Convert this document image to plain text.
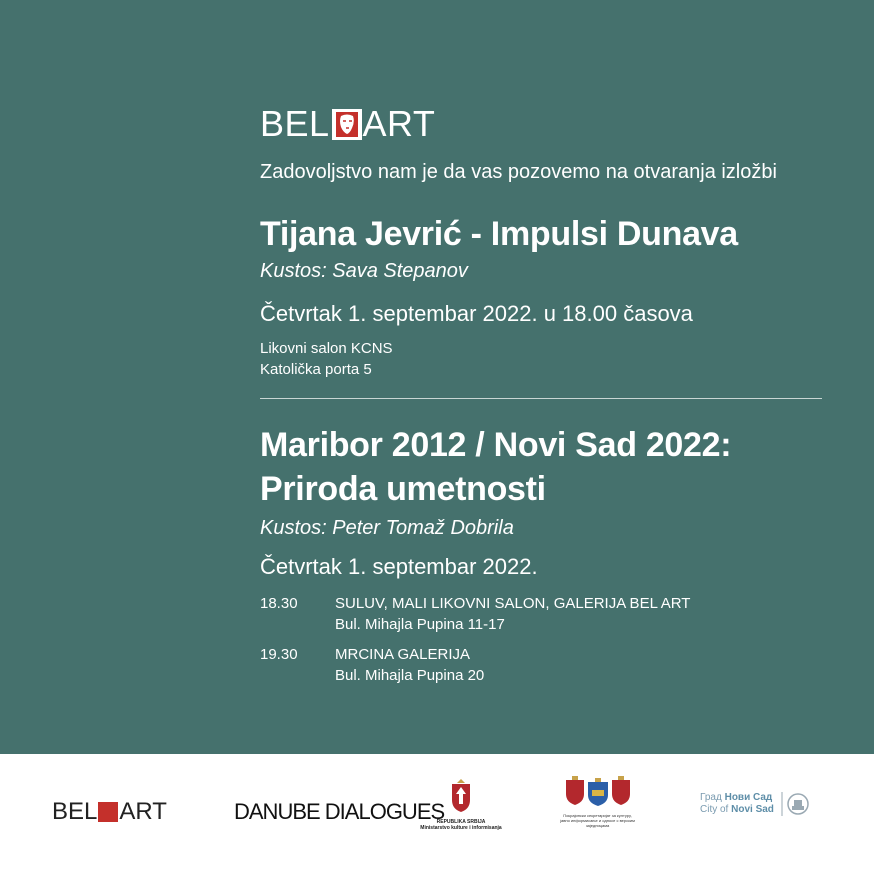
BEL ART
Zadovoljstvo nam je da vas pozovemo na otvaranja izložbi
Tijana Jevrić - Impulsi Dunava
Kustos: Sava Stepanov
Četvrtak 1. septembar 2022. u 18.00 časova
Likovni salon KCNS
Katolička porta 5
Maribor 2012 / Novi Sad 2022:
Priroda umetnosti
Kustos: Peter Tomaž Dobrila
Četvrtak 1. septembar 2022.
18.30	SULUV, MALI LIKOVNI SALON, GALERIJA BEL ART
Bul. Mihajla Pupina 11-17
19.30	MRCINA GALERIJA
Bul. Mihajla Pupina 20
BEL ART	DANUBE DIALOGUES
REPUBLIKA SRBIJA
Ministarstvo kulture i informisanja
Покрајински секретаријат за културу, јавно информисање и односе с верским заједницама
Град Нови Сад
City of Novi Sad
